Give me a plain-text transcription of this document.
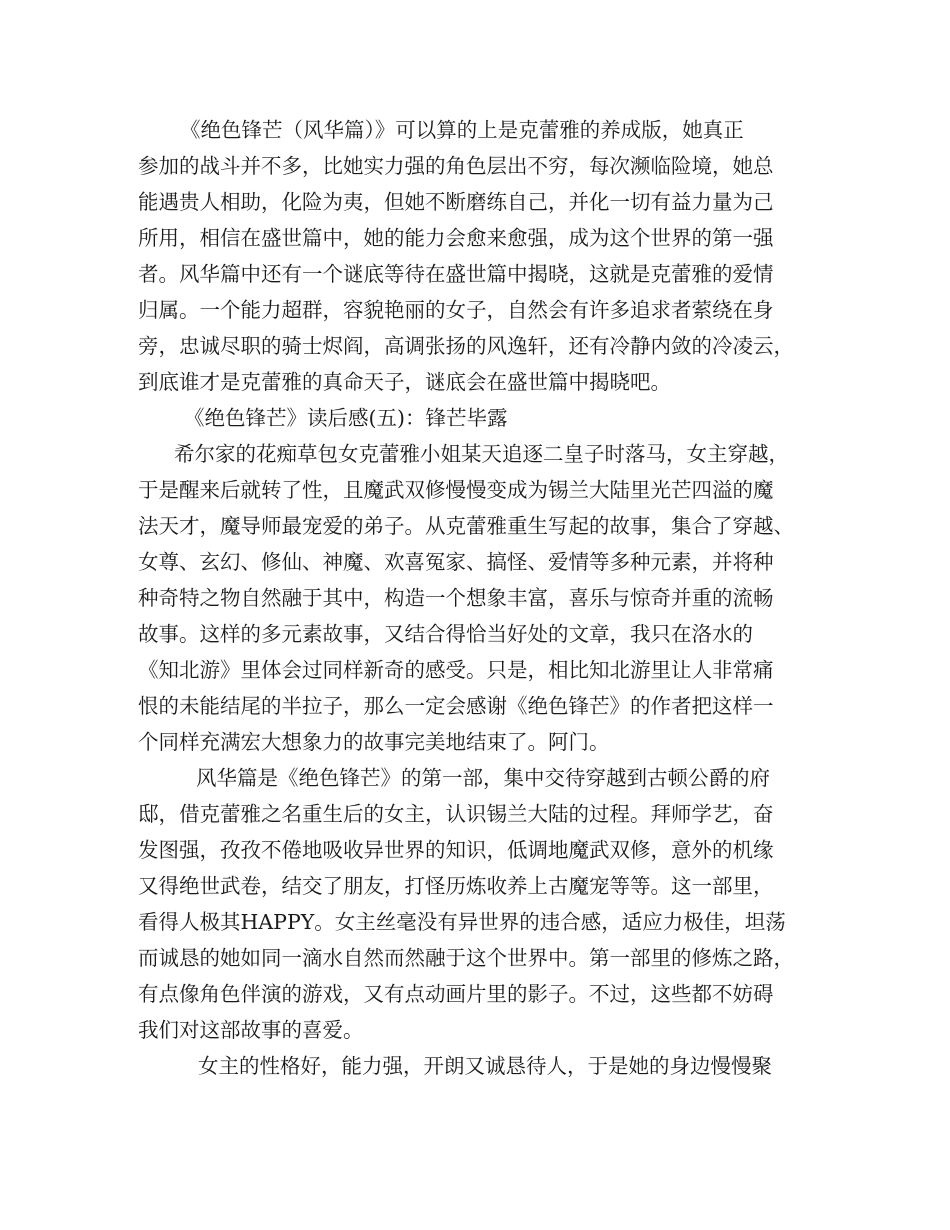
《绝色锋芒（风华篇）》可以算的上是克蕾雅的养成版，她真正
参加的战斗并不多，比她实力强的角色层出不穷，每次濒临险境，她总
能遇贵人相助，化险为夷，但她不断磨练自己，并化一切有益力量为己
所用，相信在盛世篇中，她的能力会愈来愈强，成为这个世界的第一强
者。风华篇中还有一个谜底等待在盛世篇中揭晓，这就是克蕾雅的爱情
归属。一个能力超群，容貌艳丽的女子，自然会有许多追求者萦绕在身
旁，忠诚尽职的骑士烬阎，高调张扬的风逸轩，还有冷静内敛的冷凌云，
到底谁才是克蕾雅的真命天子，谜底会在盛世篇中揭晓吧。
《绝色锋芒》读后感(五)：锋芒毕露
希尔家的花痴草包女克蕾雅小姐某天追逐二皇子时落马，女主穿越，
于是醒来后就转了性，且魔武双修慢慢变成为锡兰大陆里光芒四溢的魔
法天才，魔导师最宠爱的弟子。从克蕾雅重生写起的故事，集合了穿越、
女尊、玄幻、修仙、神魔、欢喜冤家、搞怪、爱情等多种元素，并将种
种奇特之物自然融于其中，构造一个想象丰富，喜乐与惊奇并重的流畅
故事。这样的多元素故事，又结合得恰当好处的文章，我只在洛水的
《知北游》里体会过同样新奇的感受。只是，相比知北游里让人非常痛
恨的未能结尾的半拉子，那么一定会感谢《绝色锋芒》的作者把这样一
个同样充满宏大想象力的故事完美地结束了。阿门。
风华篇是《绝色锋芒》的第一部，集中交待穿越到古顿公爵的府
邸，借克蕾雅之名重生后的女主，认识锡兰大陆的过程。拜师学艺，奋
发图强，孜孜不倦地吸收异世界的知识，低调地魔武双修，意外的机缘
又得绝世武卷，结交了朋友，打怪历炼收养上古魔宠等等。这一部里，
看得人极其HAPPY。女主丝毫没有异世界的违合感，适应力极佳，坦荡
而诚恳的她如同一滴水自然而然融于这个世界中。第一部里的修炼之路，
有点像角色伴演的游戏，又有点动画片里的影子。不过，这些都不妨碍
我们对这部故事的喜爱。
女主的性格好，能力强，开朗又诚恳待人，于是她的身边慢慢聚
